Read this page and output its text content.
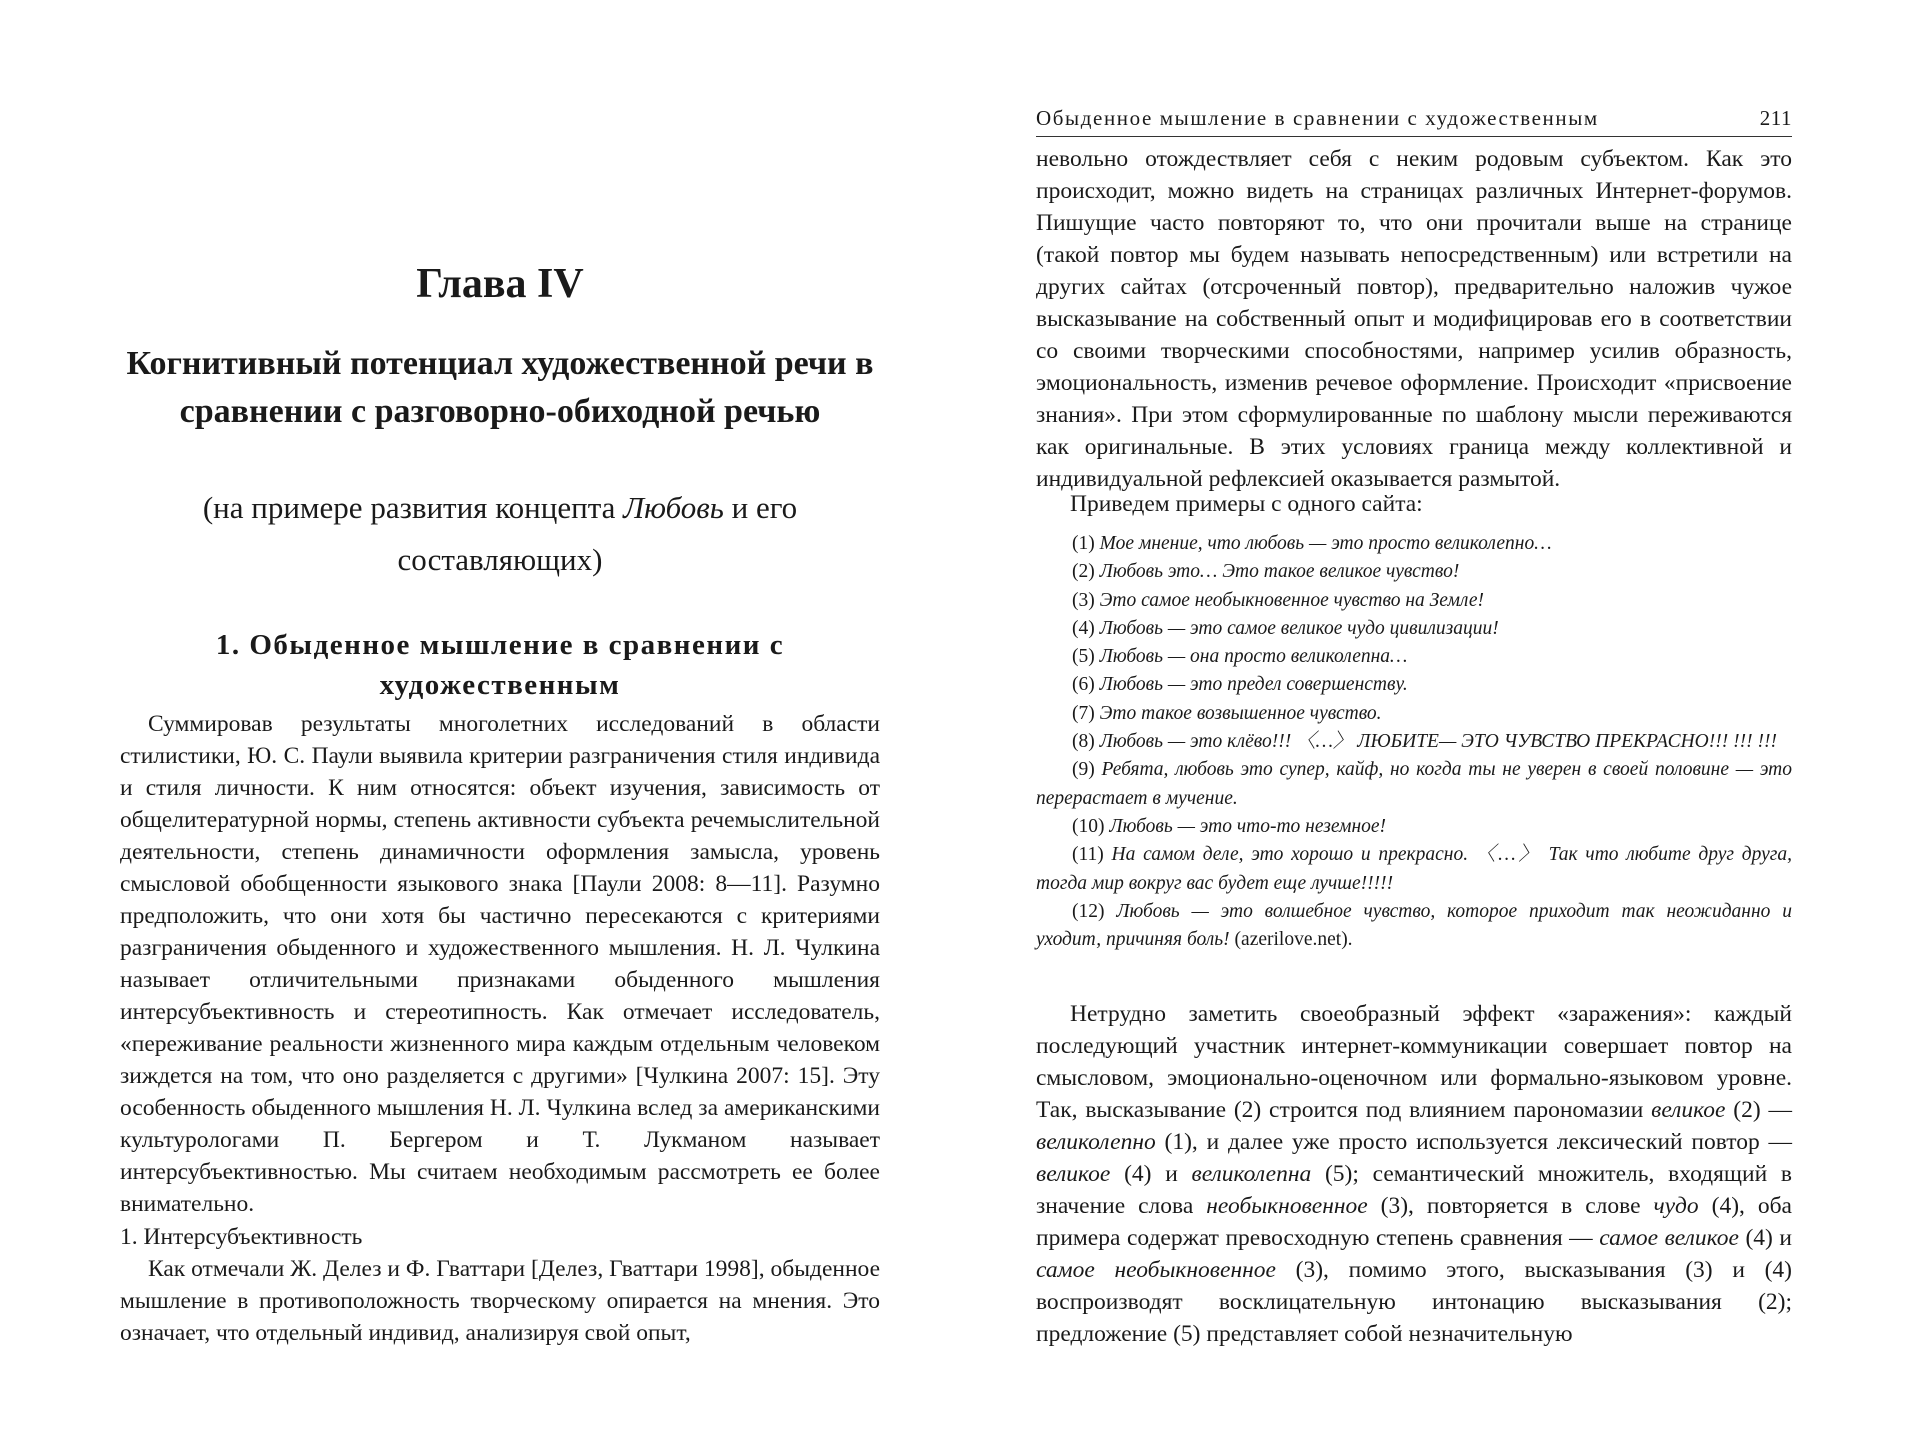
Глава IV
Когнитивный потенциал художественной речи в сравнении с разговорно-обиходной речью

(на примере развития концепта Любовь и его составляющих)

1. Обыденное мышление в сравнении с художественным

Суммировав результаты многолетних исследований в области стилистики, Ю. С. Паули выявила критерии разграничения стиля индивида и стиля личности. К ним относятся: объект изучения, зависимость от общелитературной нормы, степень активности субъекта речемыслительной деятельности, степень динамичности оформления замысла, уровень смысловой обобщенности языкового знака [Паули 2008: 8—11]. Разумно предположить, что они хотя бы частично пересекаются с критериями разграничения обыденного и художественного мышления. Н. Л. Чулкина называет отличительными признаками обыденного мышления интерсубъективность и стереотипность. Как отмечает исследователь, «переживание реальности жизненного мира каждым отдельным человеком зиждется на том, что оно разделяется с другими» [Чулкина 2007: 15]. Эту особенность обыденного мышления Н. Л. Чулкина вслед за американскими культурологами П. Бергером и Т. Лукманом называет интерсубъективностью. Мы считаем необходимым рассмотреть ее более внимательно.

1. Интерсубъективность

Как отмечали Ж. Делез и Ф. Гваттари [Делез, Гваттари 1998], обыденное мышление в противоположность творческому опирается на мнения. Это означает, что отдельный индивид, анализируя свой опыт,

Обыденное мышление в сравнении с художественным	211

невольно отождествляет себя с неким родовым субъектом. Как это происходит, можно видеть на страницах различных Интернет-форумов. Пишущие часто повторяют то, что они прочитали выше на странице (такой повтор мы будем называть непосредственным) или встретили на других сайтах (отсроченный повтор), предварительно наложив чужое высказывание на собственный опыт и модифицировав его в соответствии со своими творческими способностями, например усилив образность, эмоциональность, изменив речевое оформление. Происходит «присвоение знания». При этом сформулированные по шаблону мысли переживаются как оригинальные. В этих условиях граница между коллективной и индивидуальной рефлексией оказывается размытой.

Приведем примеры с одного сайта:

(1) Мое мнение, что любовь — это просто великолепно…
(2) Любовь это… Это такое великое чувство!
(3) Это самое необыкновенное чувство на Земле!
(4) Любовь — это самое великое чудо цивилизации!
(5) Любовь — она просто великолепна…
(6) Любовь — это предел совершенству.
(7) Это такое возвышенное чувство.
(8) Любовь — это клёво!!! 〈…〉 ЛЮБИТЕ— ЭТО ЧУВСТВО ПРЕКРАСНО!!! !!! !!!
(9) Ребята, любовь это супер, кайф, но когда ты не уверен в своей половине — это перерастает в мучение.
(10) Любовь — это что-то неземное!
(11) На самом деле, это хорошо и прекрасно. 〈…〉 Так что любите друг друга, тогда мир вокруг вас будет еще лучше!!!!!
(12) Любовь — это волшебное чувство, которое приходит так неожиданно и уходит, причиняя боль! (azerilove.net).

Нетрудно заметить своеобразный эффект «заражения»: каждый последующий участник интернет-коммуникации совершает повтор на смысловом, эмоционально-оценочном или формально-языковом уровне. Так, высказывание (2) строится под влиянием парономазии великое (2) — великолепно (1), и далее уже просто используется лексический повтор — великое (4) и великолепна (5); семантический множитель, входящий в значение слова необыкновенное (3), повторяется в слове чудо (4), оба примера содержат превосходную степень сравнения — самое великое (4) и самое необыкновенное (3), помимо этого, высказывания (3) и (4) воспроизводят восклицательную интонацию высказывания (2); предложение (5) представляет собой незначительную
